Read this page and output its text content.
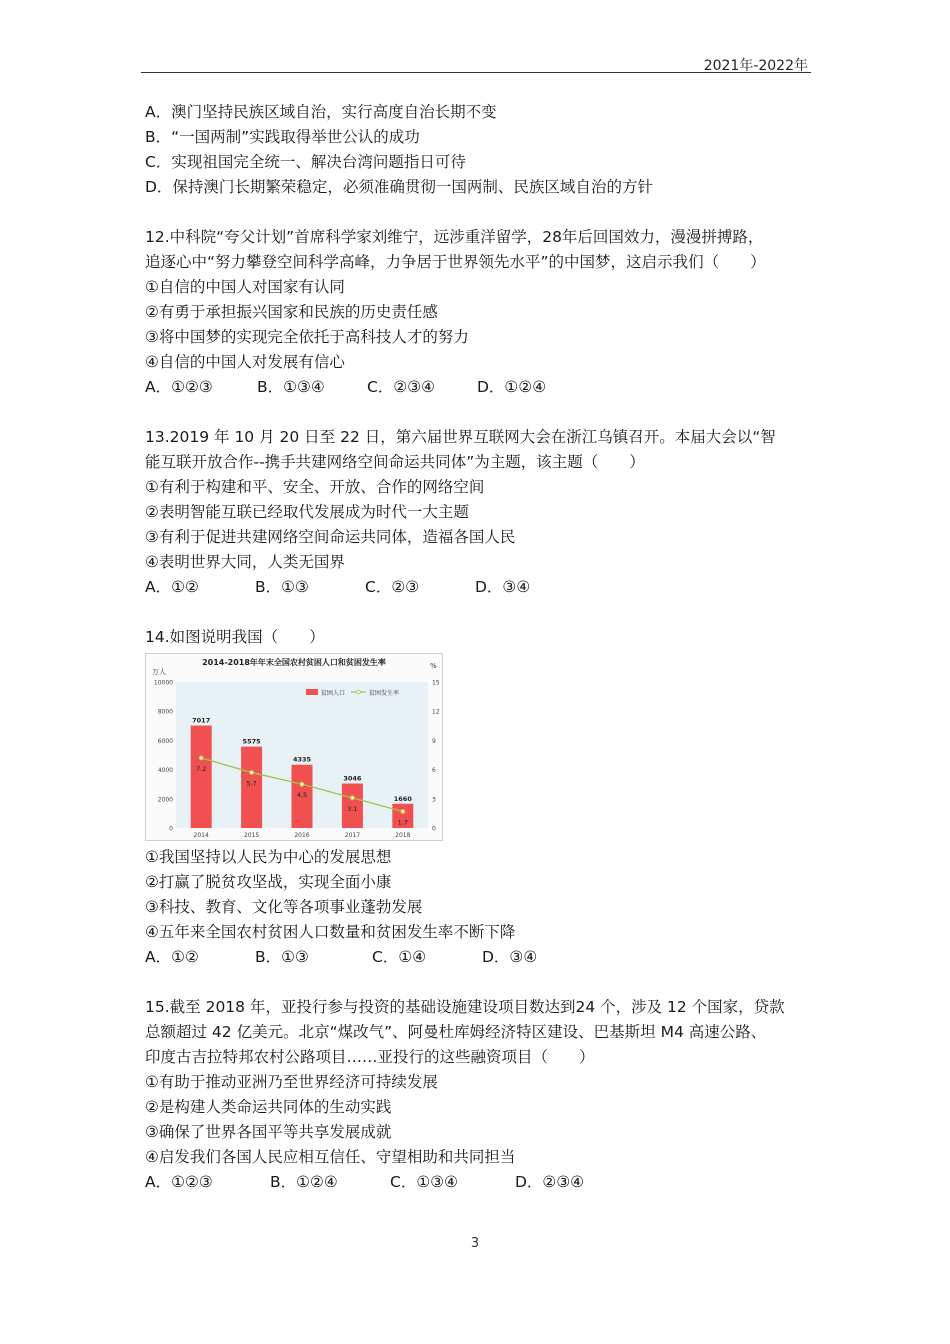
2021年-2022年
A．澳门坚持民族区域自治，实行高度自治长期不变
B．“一国两制”实践取得举世公认的成功
C．实现祖国完全统一、解决台湾问题指日可待
D．保持澳门长期繁荣稳定，必须准确贯彻一国两制、民族区域自治的方针
12.中科院“夸父计划”首席科学家刘维宁，远涉重洋留学，28年后回国效力，漫漫拼搏路，
追逐心中“努力攀登空间科学高峰，力争居于世界领先水平”的中国梦，这启示我们（　　）
①自信的中国人对国家有认同
②有勇于承担振兴国家和民族的历史责任感
③将中国梦的实现完全依托于高科技人才的努力
④自信的中国人对发展有信心
A．①②③	B．①③④	C．②③④	D．①②④
13.2019 年 10 月 20 日至 22 日，第六届世界互联网大会在浙江乌镇召开。本届大会以“智
能互联开放合作--携手共建网络空间命运共同体”为主题，该主题（　　）
①有利于构建和平、安全、开放、合作的网络空间
②表明智能互联已经取代发展成为时代一大主题
③有利于促进共建网络空间命运共同体，造福各国人民
④表明世界大同，人类无国界
A．①②	B．①③	C．②③	D．③④
14.如图说明我国（　　）
2014-2018年年末全国农村贫困人口和贫困发生率
万人
%
10000
8000
6000
4000
2000
0
15
12
9
6
3
0
贫困人口	贫困发生率
7017
5575
4335
3046
1660
7.2
5.7
4.5
3.1
1.7
2014	2015	2016	2017	2018
①我国坚持以人民为中心的发展思想
②打赢了脱贫攻坚战，实现全面小康
③科技、教育、文化等各项事业蓬勃发展
④五年来全国农村贫困人口数量和贫困发生率不断下降
A．①②	B．①③	C．①④	D．③④
15.截至 2018 年，亚投行参与投资的基础设施建设项目数达到24 个，涉及 12 个国家，贷款
总额超过 42 亿美元。北京“煤改气”、阿曼杜库姆经济特区建设、巴基斯坦 M4 高速公路、
印度古吉拉特邦农村公路项目……亚投行的这些融资项目（　　）
①有助于推动亚洲乃至世界经济可持续发展
②是构建人类命运共同体的生动实践
③确保了世界各国平等共享发展成就
④启发我们各国人民应相互信任、守望相助和共同担当
A．①②③	B．①②④	C．①③④	D．②③④
3
